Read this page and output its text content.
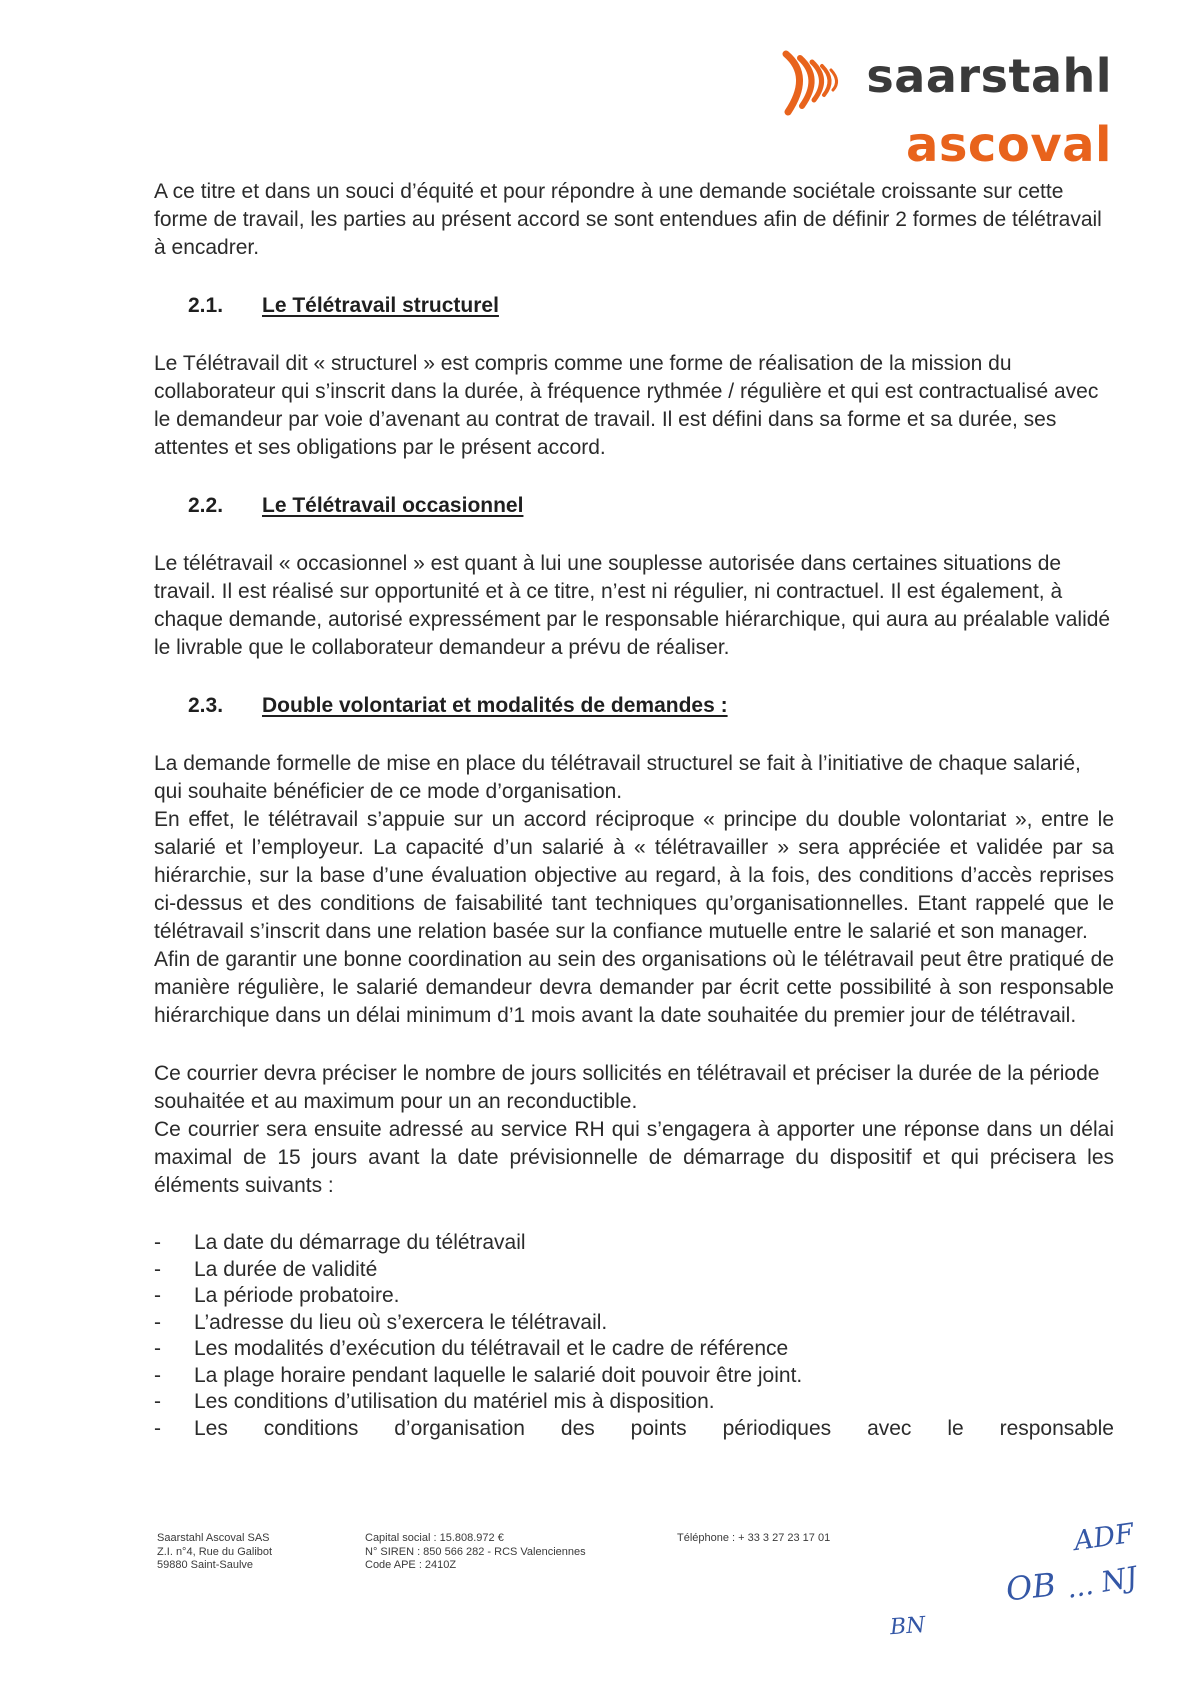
saarstahl
ascoval

A ce titre et dans un souci d’équité et pour répondre à une demande sociétale croissante sur cette forme de travail, les parties au présent accord se sont entendues afin de définir 2 formes de télétravail à encadrer.

2.1.	Le Télétravail structurel

Le Télétravail dit « structurel » est compris comme une forme de réalisation de la mission du collaborateur qui s’inscrit dans la durée, à fréquence rythmée / régulière et qui est contractualisé avec le demandeur par voie d’avenant au contrat de travail. Il est défini dans sa forme et sa durée, ses attentes et ses obligations par le présent accord.

2.2.	Le Télétravail occasionnel

Le télétravail « occasionnel » est quant à lui une souplesse autorisée dans certaines situations de travail. Il est réalisé sur opportunité et à ce titre, n’est ni régulier, ni contractuel. Il est également, à chaque demande, autorisé expressément par le responsable hiérarchique, qui aura au préalable validé le livrable que le collaborateur demandeur a prévu de réaliser.

2.3.	Double volontariat et modalités de demandes :

La demande formelle de mise en place du télétravail structurel se fait à l’initiative de chaque salarié, qui souhaite bénéficier de ce mode d’organisation.

En effet, le télétravail s’appuie sur un accord réciproque « principe du double volontariat », entre le salarié et l’employeur. La capacité d’un salarié à « télétravailler » sera appréciée et validée par sa hiérarchie, sur la base d’une évaluation objective au regard, à la fois, des conditions d’accès reprises ci-dessus et des conditions de faisabilité tant techniques qu’organisationnelles. Etant rappelé que le télétravail s’inscrit dans une relation basée sur la confiance mutuelle entre le salarié et son manager.

Afin de garantir une bonne coordination au sein des organisations où le télétravail peut être pratiqué de manière régulière, le salarié demandeur devra demander par écrit cette possibilité à son responsable hiérarchique dans un délai minimum d’1 mois avant la date souhaitée du premier jour de télétravail.

Ce courrier devra préciser le nombre de jours sollicités en télétravail et préciser la durée de la période souhaitée et au maximum pour un an reconductible.

Ce courrier sera ensuite adressé au service RH qui s’engagera à apporter une réponse dans un délai maximal de 15 jours avant la date prévisionnelle de démarrage du dispositif et qui précisera les éléments suivants :

-	La date du démarrage du télétravail
-	La durée de validité
-	La période probatoire.
-	L’adresse du lieu où s’exercera le télétravail.
-	Les modalités d’exécution du télétravail et le cadre de référence
-	La plage horaire pendant laquelle le salarié doit pouvoir être joint.
-	Les conditions d’utilisation du matériel mis à disposition.
-	Les conditions d’organisation des points périodiques avec le responsable
Saarstahl Ascoval SAS
Z.I. n°4, Rue du Galibot
59880 Saint-Saulve
Capital social : 15.808.972 €
N° SIREN : 850 566 282 - RCS Valenciennes
Code APE : 2410Z
Téléphone : + 33 3 27 23 17 01	ADF
OB ... NJ
BN
